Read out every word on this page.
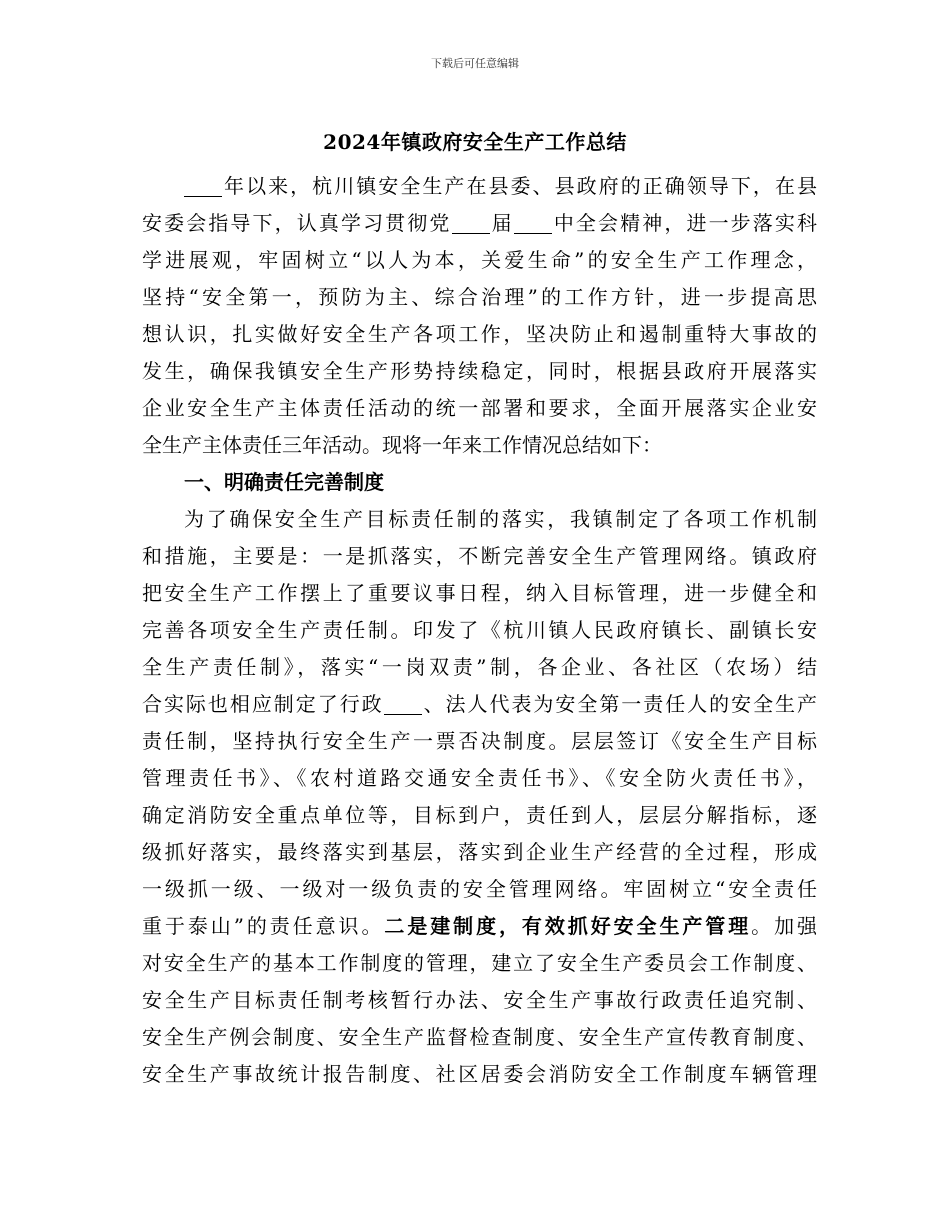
下载后可任意编辑
2024年镇政府安全生产工作总结
年以来，杭川镇安全生产在县委、县政府的正确领导下，在县
安委会指导下，认真学习贯彻党 届 中全会精神，进一步落实科
学进展观，牢固树立“以人为本，关爱生命”的安全生产工作理念，
坚持“安全第一，预防为主、综合治理”的工作方针，进一步提高思
想认识，扎实做好安全生产各项工作，坚决防止和遏制重特大事故的
发生，确保我镇安全生产形势持续稳定，同时，根据县政府开展落实
企业安全生产主体责任活动的统一部署和要求，全面开展落实企业安
全生产主体责任三年活动。现将一年来工作情况总结如下：
一、明确责任完善制度
为了确保安全生产目标责任制的落实，我镇制定了各项工作机制
和措施，主要是：一是抓落实，不断完善安全生产管理网络。镇政府
把安全生产工作摆上了重要议事日程，纳入目标管理，进一步健全和
完善各项安全生产责任制。印发了《杭川镇人民政府镇长、副镇长安
全生产责任制》，落实“一岗双责”制，各企业、各社区（农场）结
合实际也相应制定了行政 、法人代表为安全第一责任人的安全生产
责任制，坚持执行安全生产一票否决制度。层层签订《安全生产目标
管理责任书》、《农村道路交通安全责任书》、《安全防火责任书》，
确定消防安全重点单位等，目标到户，责任到人，层层分解指标，逐
级抓好落实，最终落实到基层，落实到企业生产经营的全过程，形成
一级抓一级、一级对一级负责的安全管理网络。牢固树立“安全责任
重于泰山”的责任意识。二是建制度，有效抓好安全生产管理。加强
对安全生产的基本工作制度的管理，建立了安全生产委员会工作制度、
安全生产目标责任制考核暂行办法、安全生产事故行政责任追究制、
安全生产例会制度、安全生产监督检查制度、安全生产宣传教育制度、
安全生产事故统计报告制度、社区居委会消防安全工作制度车辆管理
